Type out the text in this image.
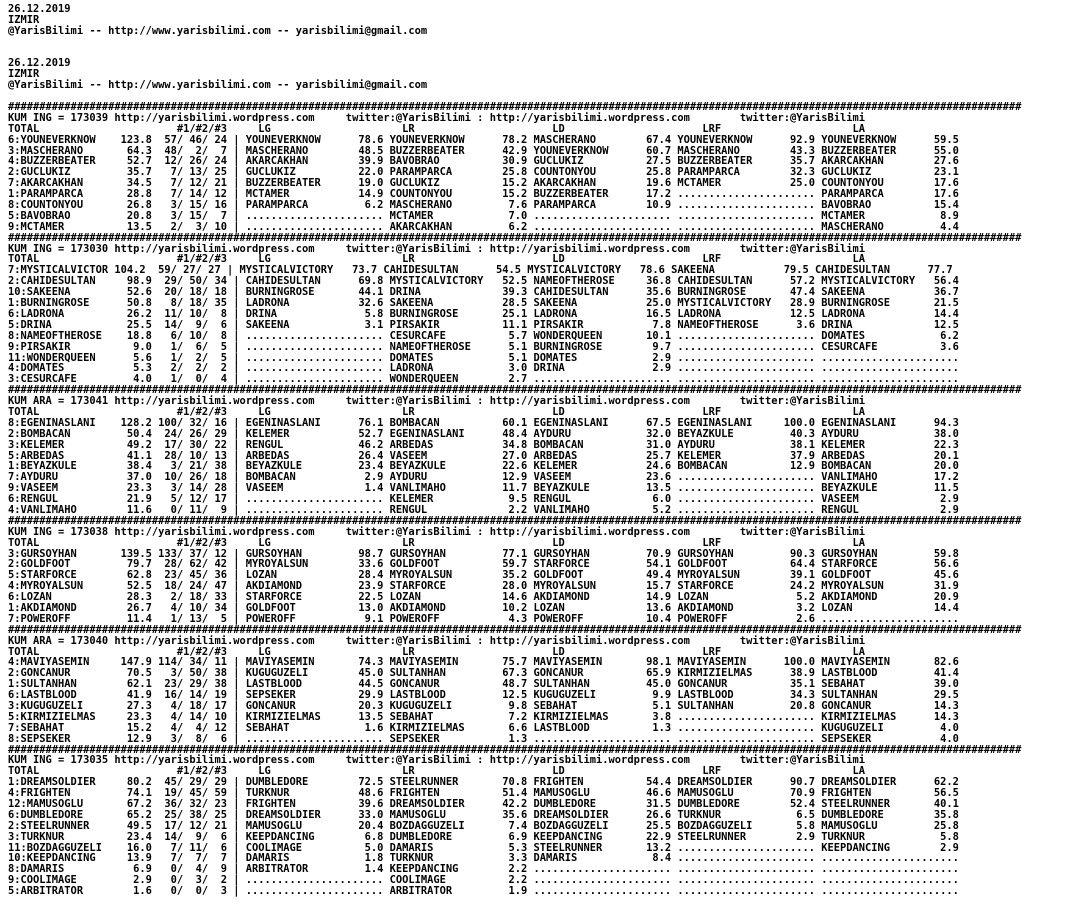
26.12.2019
IZMIR
@YarisBilimi -- http://www.yarisbilimi.com -- yarisbilimi@gmail.com

26.12.2019
IZMIR
@YarisBilimi -- http://www.yarisbilimi.com -- yarisbilimi@gmail.com

##################################################################################################################################################################
KUM ING = 173039 http://yarisbilimi.wordpress.com     twitter:@YarisBilimi : http://yarisbilimi.wordpress.com        twitter:@YarisBilimi
TOTAL                      #1/#2/#3     LG                     LR                      LD                      LRF                     LA
6:YOUNEVERKNOW    123.8  57/ 46/ 24 | YOUNEVERKNOW      78.6 YOUNEVERKNOW      78.2 MASCHERANO        67.4 YOUNEVERKNOW      92.9 YOUNEVERKNOW      59.5
3:MASCHERANO       64.3  48/  2/  7 | MASCHERANO        48.5 BUZZERBEATER      42.9 YOUNEVERKNOW      60.7 MASCHERANO        43.3 BUZZERBEATER      55.0
4:BUZZERBEATER     52.7  12/ 26/ 24 | AKARCAKHAN        39.9 BAVOBRAO          30.9 GUCLUKIZ          27.5 BUZZERBEATER      35.7 AKARCAKHAN        27.6
2:GUCLUKIZ         35.7   7/ 13/ 25 | GUCLUKIZ          22.0 PARAMPARCA        25.8 COUNTONYOU        25.8 PARAMPARCA        32.3 GUCLUKIZ          23.1
7:AKARCAKHAN       34.5   7/ 12/ 21 | BUZZERBEATER      19.0 GUCLUKIZ          15.2 AKARCAKHAN        19.6 MCTAMER           25.0 COUNTONYOU        17.6
1:PARAMPARCA       28.8   7/ 14/ 12 | MCTAMER           14.9 COUNTONYOU        15.2 BUZZERBEATER      17.2 ...................... PARAMPARCA        17.6
8:COUNTONYOU       26.8   3/ 15/ 16 | PARAMPARCA         6.2 MASCHERANO         7.6 PARAMPARCA        10.9 ...................... BAVOBRAO          15.4
5:BAVOBRAO         20.8   3/ 15/  7 | ...................... MCTAMER            7.0 ...................... ...................... MCTAMER            8.9
9:MCTAMER          13.5   2/  3/ 10 | ...................... AKARCAKHAN         6.2 ...................... ...................... MASCHERANO         4.4
##################################################################################################################################################################
KUM ING = 173030 http://yarisbilimi.wordpress.com     twitter:@YarisBilimi : http://yarisbilimi.wordpress.com        twitter:@YarisBilimi
TOTAL                      #1/#2/#3     LG                     LR                      LD                      LRF                     LA
7:MYSTICALVICTOR 104.2  59/ 27/ 27 | MYSTICALVICTORY   73.7 CAHIDESULTAN      54.5 MYSTICALVICTORY   78.6 SAKEENA           79.5 CAHIDESULTAN      77.7
2:CAHIDESULTAN     98.9  29/ 50/ 34 | CAHIDESULTAN      69.8 MYSTICALVICTORY   52.5 NAMEOFTHEROSE     36.8 CAHIDESULTAN      57.2 MYSTICALVICTORY   56.4
10:SAKEENA         52.6  20/ 18/ 18 | BURNINGROSE       44.1 DRINA             39.3 CAHIDESULTAN      35.6 BURNINGROSE       47.4 SAKEENA           36.7
1:BURNINGROSE      50.8   8/ 18/ 35 | LADRONA           32.6 SAKEENA           28.5 SAKEENA           25.0 MYSTICALVICTORY   28.9 BURNINGROSE       21.5
6:LADRONA          26.2  11/ 10/  8 | DRINA              5.8 BURNINGROSE       25.1 LADRONA           16.5 LADRONA           12.5 LADRONA           14.4
5:DRINA            25.5  14/  9/  6 | SAKEENA            3.1 PIRSAKIR          11.1 PIRSAKIR           7.8 NAMEOFTHEROSE      3.6 DRINA             12.5
8:NAMEOFTHEROSE    18.8   6/ 10/  8 | ...................... CESURCAFE          5.7 WONDERQUEEN       10.1 ...................... DOMATES            6.2
9:PIRSAKIR          9.0   1/  6/  5 | ...................... NAMEOFTHEROSE      5.1 BURNINGROSE        9.7 ...................... CESURCAFE          3.6
11:WONDERQUEEN      5.6   1/  2/  5 | ...................... DOMATES            5.1 DOMATES            2.9 ...................... ......................
4:DOMATES           5.3   2/  2/  2 | ...................... LADRONA            3.0 DRINA              2.9 ...................... ......................
3:CESURCAFE         4.0   1/  0/  4 | ...................... WONDERQUEEN        2.7 ...................... ...................... ......................
##################################################################################################################################################################
KUM ARA = 173041 http://yarisbilimi.wordpress.com     twitter:@YarisBilimi : http://yarisbilimi.wordpress.com        twitter:@YarisBilimi
TOTAL                      #1/#2/#3     LG                     LR                      LD                      LRF                     LA
8:EGENINASLANI    128.2 100/ 32/ 16 | EGENINASLANI      76.1 BOMBACAN          60.1 EGENINASLANI      67.5 EGENINASLANI     100.0 EGENINASLANI      94.3
2:BOMBACAN         50.4  24/ 26/ 29 | KELEMER           52.7 EGENINASLANI      48.4 AYDURU            32.0 BEYAZKULE         40.3 AYDURU            38.0
3:KELEMER          49.2  17/ 30/ 22 | RENGUL            46.2 ARBEDAS           34.8 BOMBACAN          31.0 AYDURU            38.1 KELEMER           22.3
5:ARBEDAS          41.1  28/ 10/ 13 | ARBEDAS           26.4 VASEEM            27.0 ARBEDAS           25.7 KELEMER           37.9 ARBEDAS           20.1
1:BEYAZKULE        38.4   3/ 21/ 38 | BEYAZKULE         23.4 BEYAZKULE         22.6 KELEMER           24.6 BOMBACAN          12.9 BOMBACAN          20.0
7:AYDURU           37.0  10/ 26/ 18 | BOMBACAN           2.9 AYDURU            12.9 VASEEM            23.6 ...................... VANLIMAHO         17.2
9:VASEEM           23.3   3/ 14/ 28 | VASEEM             1.4 VANLIMAHO         11.7 BEYAZKULE         13.5 ...................... BEYAZKULE         11.5
6:RENGUL           21.9   5/ 12/ 17 | ...................... KELEMER            9.5 RENGUL             6.0 ...................... VASEEM             2.9
4:VANLIMAHO        11.6   0/ 11/  9 | ...................... RENGUL             2.2 VANLIMAHO          5.2 ...................... RENGUL             2.9
##################################################################################################################################################################
KUM ING = 173038 http://yarisbilimi.wordpress.com     twitter:@YarisBilimi : http://yarisbilimi.wordpress.com        twitter:@YarisBilimi
TOTAL                      #1/#2/#3     LG                     LR                      LD                      LRF                     LA
3:GURSOYHAN       139.5 133/ 37/ 12 | GURSOYHAN         98.7 GURSOYHAN         77.1 GURSOYHAN         70.9 GURSOYHAN         90.3 GURSOYHAN         59.8
2:GOLDFOOT         79.7  28/ 62/ 42 | MYROYALSUN        33.6 GOLDFOOT          59.7 STARFORCE         54.1 GOLDFOOT          64.4 STARFORCE         56.6
5:STARFORCE        62.8  23/ 45/ 36 | LOZAN             28.4 MYROYALSUN        35.2 GOLDFOOT          49.4 MYROYALSUN        39.1 GOLDFOOT          45.6
4:MYROYALSUN       52.5  18/ 24/ 47 | AKDIAMOND         23.9 STARFORCE         28.0 MYROYALSUN        15.7 STARFORCE         24.2 MYROYALSUN        31.9
6:LOZAN            28.3   2/ 18/ 33 | STARFORCE         22.5 LOZAN             14.6 AKDIAMOND         14.9 LOZAN              5.2 AKDIAMOND         20.9
1:AKDIAMOND        26.7   4/ 10/ 34 | GOLDFOOT          13.0 AKDIAMOND         10.2 LOZAN             13.6 AKDIAMOND          3.2 LOZAN             14.4
7:POWEROFF         11.4   1/ 13/  5 | POWEROFF           9.1 POWEROFF           4.3 POWEROFF          10.4 POWEROFF           2.6 ......................
##################################################################################################################################################################
KUM ARA = 173040 http://yarisbilimi.wordpress.com     twitter:@YarisBilimi : http://yarisbilimi.wordpress.com        twitter:@YarisBilimi
TOTAL                      #1/#2/#3     LG                     LR                      LD                      LRF                     LA
4:MAVIYASEMIN     147.9 114/ 34/ 11 | MAVIYASEMIN       74.3 MAVIYASEMIN       75.7 MAVIYASEMIN       98.1 MAVIYASEMIN      100.0 MAVIYASEMIN       82.6
2:GONCANUR         70.5   3/ 50/ 38 | KUGUGUZELI        45.0 SULTANHAN         67.3 GONCANUR          65.9 KIRMIZIELMAS      38.9 LASTBLOOD         41.4
1:SULTANHAN        62.1  23/ 29/ 38 | LASTBLOOD         44.5 GONCANUR          48.7 SULTANHAN         45.0 GONCANUR          35.1 SEBAHAT           39.0
6:LASTBLOOD        41.9  16/ 14/ 19 | SEPSEKER          29.9 LASTBLOOD         12.5 KUGUGUZELI         9.9 LASTBLOOD         34.3 SULTANHAN         29.5
3:KUGUGUZELI       27.3   4/ 18/ 17 | GONCANUR          20.3 KUGUGUZELI         9.8 SEBAHAT            5.1 SULTANHAN         20.8 GONCANUR          14.3
5:KIRMIZIELMAS     23.3   4/ 14/ 10 | KIRMIZIELMAS      13.5 SEBAHAT            7.2 KIRMIZIELMAS       3.8 ...................... KIRMIZIELMAS      14.3
7:SEBAHAT          15.2   4/  4/ 12 | SEBAHAT            1.6 KIRMIZIELMAS       6.6 LASTBLOOD          1.3 ...................... KUGUGUZELI         4.0
8:SEPSEKER         12.9   3/  8/  6 | ...................... SEPSEKER           1.3 ...................... ...................... SEPSEKER           4.0
##################################################################################################################################################################
KUM ING = 173035 http://yarisbilimi.wordpress.com     twitter:@YarisBilimi : http://yarisbilimi.wordpress.com        twitter:@YarisBilimi
TOTAL                      #1/#2/#3     LG                     LR                      LD                      LRF                     LA
1:DREAMSOLDIER     80.2  45/ 29/ 29 | DUMBLEDORE        72.5 STEELRUNNER       70.8 FRIGHTEN          54.4 DREAMSOLDIER      90.7 DREAMSOLDIER      62.2
4:FRIGHTEN         74.1  19/ 45/ 59 | TURKNUR           48.6 FRIGHTEN          51.4 MAMUSOGLU         46.6 MAMUSOGLU         70.9 FRIGHTEN          56.5
12:MAMUSOGLU       67.2  36/ 32/ 23 | FRIGHTEN          39.6 DREAMSOLDIER      42.2 DUMBLEDORE        31.5 DUMBLEDORE        52.4 STEELRUNNER       40.1
6:DUMBLEDORE       65.2  25/ 38/ 25 | DREAMSOLDIER      33.0 MAMUSOGLU         35.6 DREAMSOLDIER      26.6 TURKNUR            6.5 DUMBLEDORE        35.8
2:STEELRUNNER      49.5  17/ 12/ 21 | MAMUSOGLU         20.4 BOZDAGGUZELI       7.4 BOZDAGGUZELI      25.5 BOZDAGGUZELI       5.8 MAMUSOGLU         25.8
3:TURKNUR          23.4  14/  9/  6 | KEEPDANCING        6.8 DUMBLEDORE         6.9 KEEPDANCING       22.9 STEELRUNNER        2.9 TURKNUR            5.8
11:BOZDAGGUZELI    16.0   7/ 11/  6 | COOLIMAGE          5.0 DAMARIS            5.3 STEELRUNNER       13.2 ...................... KEEPDANCING        2.9
10:KEEPDANCING     13.9   7/  7/  7 | DAMARIS            1.8 TURKNUR            3.3 DAMARIS            8.4 ...................... ......................
8:DAMARIS           6.9   0/  4/  9 | ARBITRATOR         1.4 KEEPDANCING        2.2 ...................... ...................... ......................
9:COOLIMAGE         2.9   0/  3/  2 | ...................... COOLIMAGE          2.2 ...................... ...................... ......................
5:ARBITRATOR        1.6   0/  0/  3 | ...................... ARBITRATOR         1.9 ...................... ...................... ......................
